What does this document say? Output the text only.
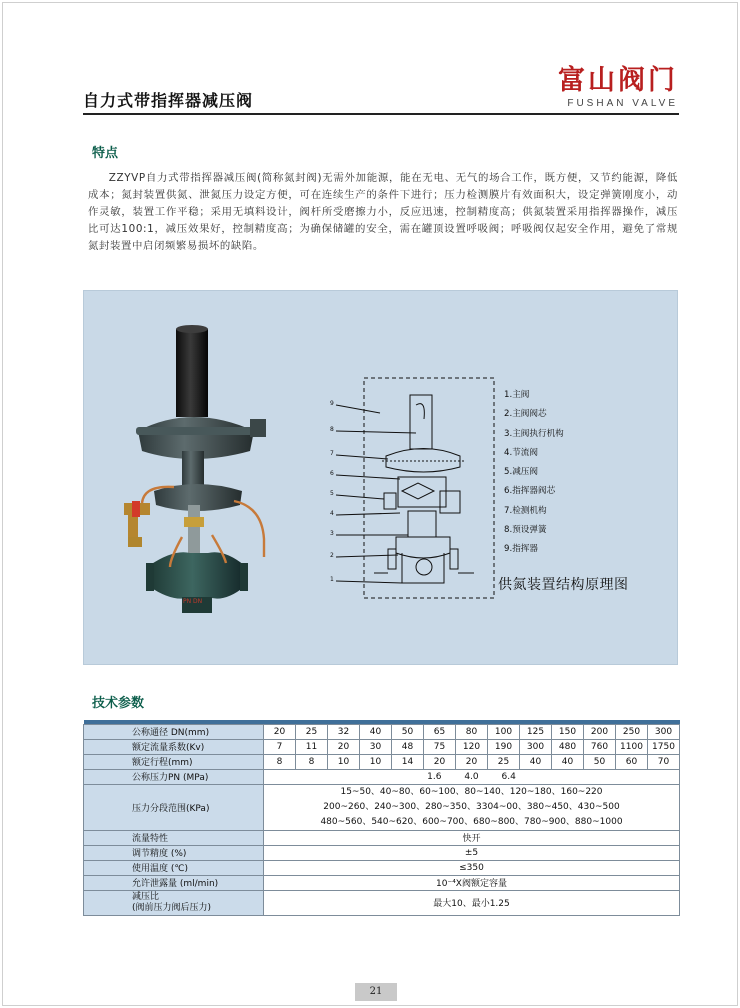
自力式带指挥器减压阀
富山阀门
FUSHAN VALVE
特点

ZZYVP自力式带指挥器减压阀(简称氮封阀)无需外加能源，能在无电、无气的场合工作，既方便，又节约能源，降低成本；氮封装置供氮、泄氮压力设定方便，可在连续生产的条件下进行；压力检测膜片有效面积大，设定弹簧刚度小，动作灵敏，装置工作平稳；采用无填料设计，阀杆所受磨擦力小，反应迅速，控制精度高；供氮装置采用指挥器操作，减压比可达100:1，减压效果好，控制精度高；为确保储罐的安全，需在罐顶设置呼吸阀；呼吸阀仅起安全作用，避免了常规氮封装置中启闭频繁易损坏的缺陷。

PN DN
9
8
7
6
5
4
3
2
1
1.主阀
2.主阀阀芯
3.主阀执行机构
4.节流阀
5.减压阀
6.指挥器阀芯
7.检测机构
8.预设弹簧
9.指挥器
供氮装置结构原理图
技术参数

公称通径 DN(mm)	20	25	32	40	50	65	80	100	125	150	200	250	300
额定流量系数(Kv)	7	11	20	30	48	75	120	190	300	480	760	1100	1750
额定行程(mm)	8	8	10	10	14	20	20	25	40	40	50	60	70
公称压力PN (MPa)	1.6        4.0        6.4												
压力分段范围(KPa)	15~50、40~80、60~100、80~140、120~180、160~220
200~260、240~300、280~350、3304~00、380~450、430~500
480~560、540~620、600~700、680~800、780~900、880~1000												

流量特性	快开												
调节精度 (%)	±5												
使用温度 (℃)	≤350												
允许泄露量 (ml/min)	10⁻⁴X阀额定容量												

减压比
(阀前压力阀后压力)	最大10、最小1.25												
21
